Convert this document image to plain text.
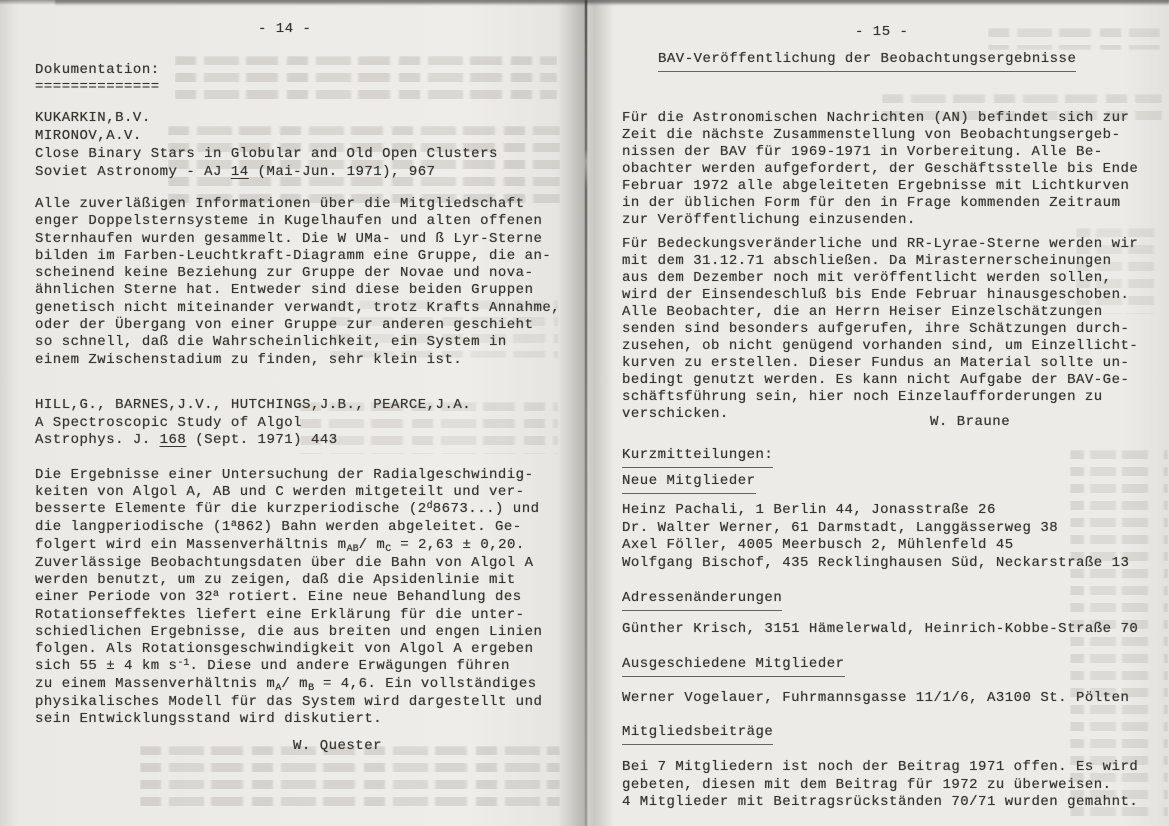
- 14 -
Dokumentation:
==============
KUKARKIN,B.V.
MIRONOV,A.V.
Close Binary Stars in Globular and Old Open Clusters
Soviet Astronomy - AJ 14 (Mai-Jun. 1971), 967
Alle zuverläßigen Informationen über die Mitgliedschaft
enger Doppelsternsysteme in Kugelhaufen und alten offenen
Sternhaufen wurden gesammelt. Die W UMa- und ß Lyr-Sterne
bilden im Farben-Leuchtkraft-Diagramm eine Gruppe, die an-
scheinend keine Beziehung zur Gruppe der Novae und nova-
ähnlichen Sterne hat. Entweder sind diese beiden Gruppen
genetisch nicht miteinander verwandt, trotz Krafts Annahme,
oder der Übergang von einer Gruppe zur anderen geschieht
so schnell, daß die Wahrscheinlichkeit, ein System in
einem Zwischenstadium zu finden, sehr klein ist.
HILL,G., BARNES,J.V., HUTCHINGS,J.B., PEARCE,J.A.
A Spectroscopic Study of Algol
Astrophys. J. 168 (Sept. 1971) 443
Die Ergebnisse einer Untersuchung der Radialgeschwindig-
keiten von Algol A, AB und C werden mitgeteilt und ver-
besserte Elemente für die kurzperiodische (2$^d$8673...) und
die langperiodische (1$^a$862) Bahn werden abgeleitet. Ge-
folgert wird ein Massenverhältnis $m_{AB}/$ $m_C = 2,63 \pm 0,20$.
Zuverlässige Beobachtungsdaten über die Bahn von Algol A
werden benutzt, um zu zeigen, daß die Apsidenlinie mit
einer Periode von 32$^a$ rotiert. Eine neue Behandlung des
Rotationseffektes liefert eine Erklärung für die unter-
schiedlichen Ergebnisse, die aus breiten und engen Linien
folgen. Als Rotationsgeschwindigkeit von Algol A ergeben
sich 55 ± 4 km $s^{-1}$. Diese und andere Erwägungen führen
zu einem Massenverhältnis $m_A/$ $m_B = 4,6$. Ein vollständiges
physikalisches Modell für das System wird dargestellt und
sein Entwicklungsstand wird diskutiert.
W. Quester
- 15 -
BAV-Veröffentlichung der Beobachtungsergebnisse
Für die Astronomischen Nachrichten (AN) befindet sich zur
Zeit die nächste Zusammenstellung von Beobachtungsergeb-
nissen der BAV für 1969-1971 in Vorbereitung. Alle Be-
obachter werden aufgefordert, der Geschäftsstelle bis Ende
Februar 1972 alle abgeleiteten Ergebnisse mit Lichtkurven
in der üblichen Form für den in Frage kommenden Zeitraum
zur Veröffentlichung einzusenden.
Für Bedeckungsveränderliche und RR-Lyrae-Sterne werden wir
mit dem 31.12.71 abschließen. Da Mirasternerscheinungen
aus dem Dezember noch mit veröffentlicht werden sollen,
wird der Einsendeschluß bis Ende Februar hinausgeschoben.
Alle Beobachter, die an Herrn Heiser Einzelschätzungen
senden sind besonders aufgerufen, ihre Schätzungen durch-
zusehen, ob nicht genügend vorhanden sind, um Einzellicht-
kurven zu erstellen. Dieser Fundus an Material sollte un-
bedingt genutzt werden. Es kann nicht Aufgabe der BAV-Ge-
schäftsführung sein, hier noch Einzelaufforderungen zu
verschicken.	W. Braune
Kurzmitteilungen:
Neue Mitglieder
Heinz Pachali, 1 Berlin 44, Jonasstraße 26
Dr. Walter Werner, 61 Darmstadt, Langgässerweg 38
Axel Föller, 4005 Meerbusch 2, Mühlenfeld 45
Wolfgang Bischof, 435 Recklinghausen Süd, Neckarstraße 13
Adressenänderungen
Günther Krisch, 3151 Hämelerwald, Heinrich-Kobbe-Straße 70
Ausgeschiedene Mitglieder
Werner Vogelauer, Fuhrmannsgasse 11/1/6, A3100 St. Pölten
Mitgliedsbeiträge
Bei 7 Mitgliedern ist noch der Beitrag 1971 offen. Es wird
gebeten, diesen mit dem Beitrag für 1972 zu überweisen.
4 Mitglieder mit Beitragsrückständen 70/71 wurden gemahnt.
